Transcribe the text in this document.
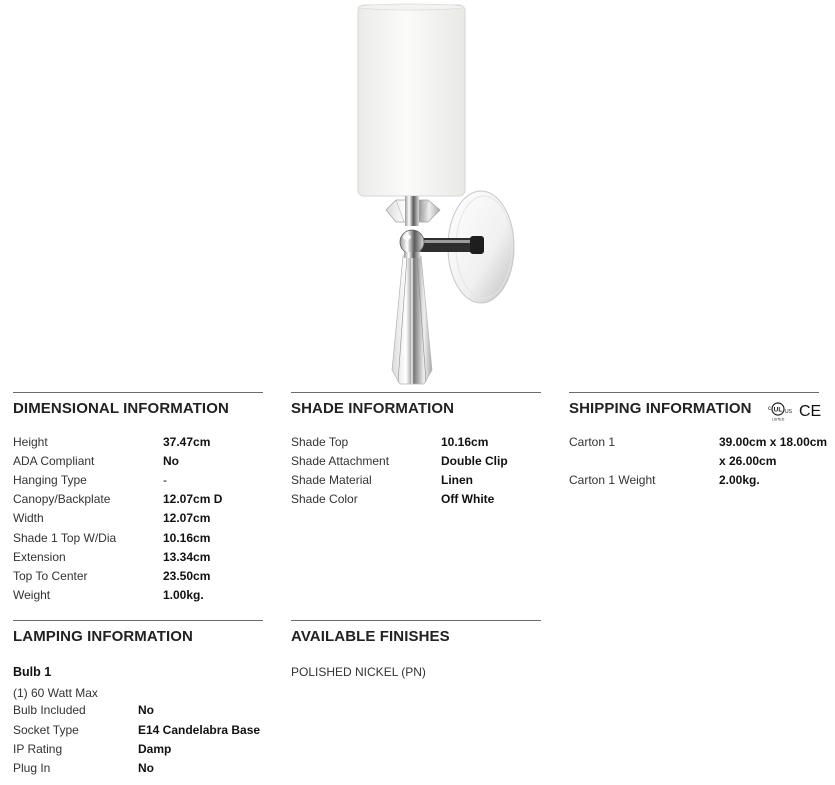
DIMENSIONAL INFORMATION
Height	37.47cm
ADA Compliant	No
Hanging Type	-
Canopy/Backplate	12.07cm D
Width	12.07cm
Shade 1 Top W/Dia	10.16cm
Extension	13.34cm
Top To Center	23.50cm
Weight	1.00kg.
SHADE INFORMATION
Shade Top	10.16cm
Shade Attachment	Double Clip
Shade Material	Linen
Shade Color	Off White
SHIPPING INFORMATION	c UL US
LISTED CE
Carton 1	39.00cm x 18.00cm
x 26.00cm
Carton 1 Weight	2.00kg.
LAMPING INFORMATION
Bulb 1
(1) 60 Watt Max
Bulb Included	No
Socket Type	E14 Candelabra Base
IP Rating	Damp
Plug In	No
AVAILABLE FINISHES
POLISHED NICKEL (PN)
